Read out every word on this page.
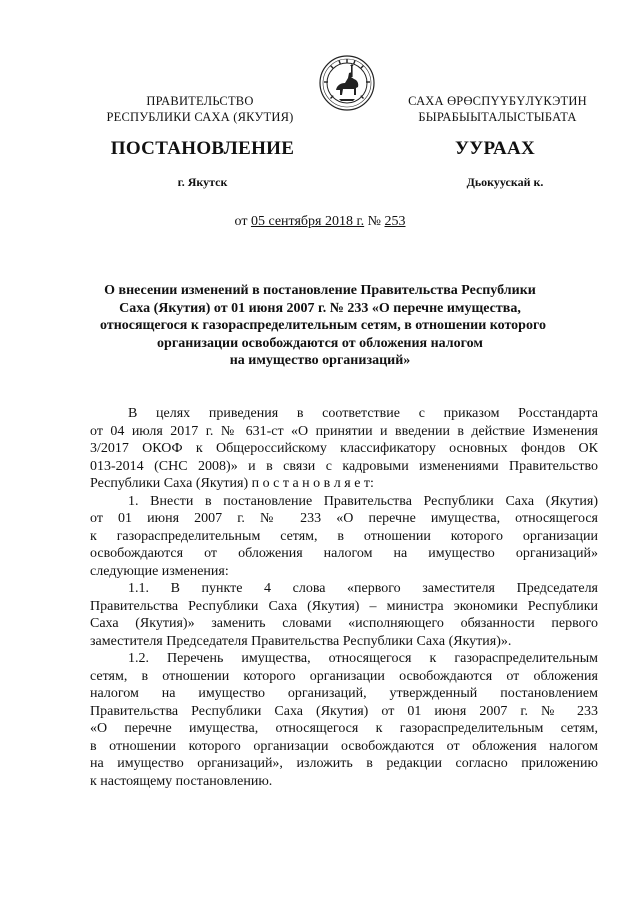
ПРАВИТЕЛЬСТВО
РЕСПУБЛИКИ САХА (ЯКУТИЯ)
САХА ӨРӨСПҮҮБҮЛҮКЭТИН
БЫРАБЫЫТАЛЫСТЫБАТА
ПОСТАНОВЛЕНИЕ	УУРААХ
г. Якутск	Дьокуускай к.
от 05 сентября 2018 г. № 253
О внесении изменений в постановление Правительства Республики
Саха (Якутия) от 01 июня 2007 г. № 233 «О перечне имущества,
относящегося к газораспределительным сетям, в отношении которого
организации освобождаются от обложения налогом
на имущество организаций»
В целях приведения в соответствие с приказом Росстандарта
от 04 июля 2017 г. № 631-ст «О принятии и введении в действие Изменения
3/2017 ОКОФ к Общероссийскому классификатору основных фондов ОК
013-2014 (СНС 2008)» и в связи с кадровыми изменениями Правительство
Республики Саха (Якутия) п о с т а н о в л я е т:
1. Внести в постановление Правительства Республики Саха (Якутия)
от 01 июня 2007 г. № 233 «О перечне имущества, относящегося
к газораспределительным сетям, в отношении которого организации
освобождаются от обложения налогом на имущество организаций»
следующие изменения:
1.1. В пункте 4 слова «первого заместителя Председателя
Правительства Республики Саха (Якутия) – министра экономики Республики
Саха (Якутия)» заменить словами «исполняющего обязанности первого
заместителя Председателя Правительства Республики Саха (Якутия)».
1.2. Перечень имущества, относящегося к газораспределительным
сетям, в отношении которого организации освобождаются от обложения
налогом на имущество организаций, утвержденный постановлением
Правительства Республики Саха (Якутия) от 01 июня 2007 г. № 233
«О перечне имущества, относящегося к газораспределительным сетям,
в отношении которого организации освобождаются от обложения налогом
на имущество организаций», изложить в редакции согласно приложению
к настоящему постановлению.
